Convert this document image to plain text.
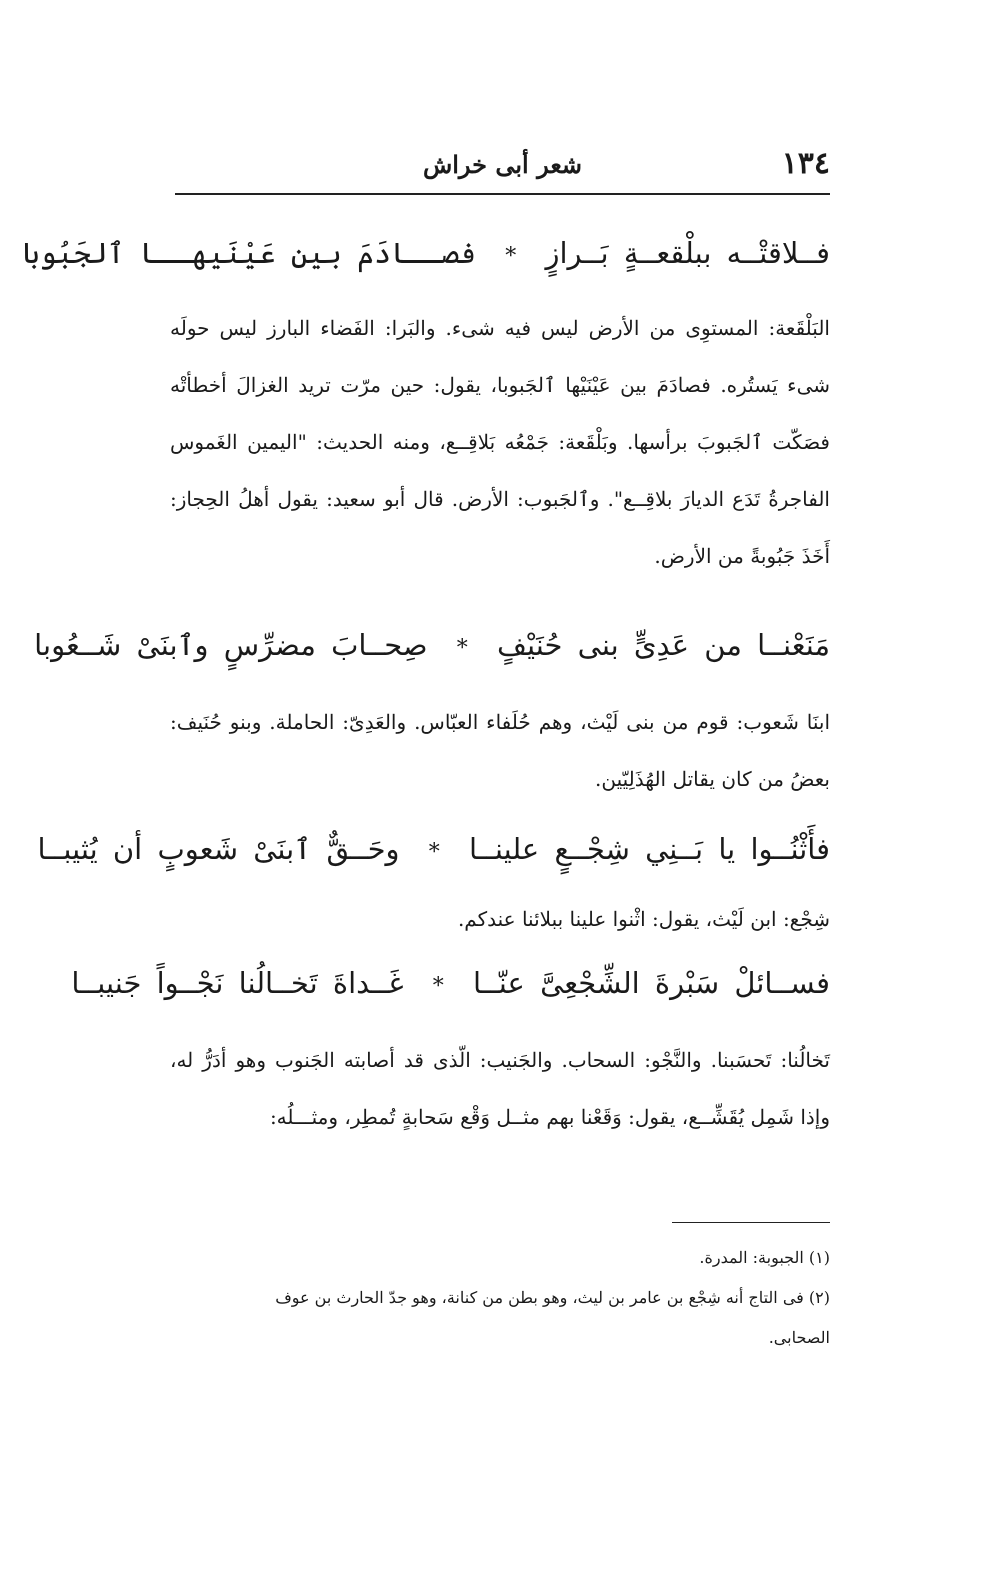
١٣٤
شعر أبى خراش
فــلاقتْــه ببلْقعــةٍ بَــرازٍ * فصــادَمَ بين عَيْنَيهــا ٱلجَبُوبا
البَلْقَعة: المستوِى من الأرض ليس فيه شىء. والبَرا: الفَضاء البارز ليس حولَه شىء يَستُره. فصادَمَ بين عَيْنَيْها ٱلجَبوبا، يقول: حين مرّت تريد الغزالَ أخطأتْه فصَكّت ٱلجَبوبَ برأسها. وبَلْقَعة: جَمْعُه بَلاقِــع، ومنه الحديث: "اليمين الغَموس الفاجرةُ تَدَع الديارَ بلاقِــع". وٱلجَبوب: الأرض. قال أبو سعيد: يقول أهلُ الحِجاز: أَخَذَ جَبُوبةً من الأرض.
مَنَعْنــا من عَدِىٍّ بنى حُنَيْفٍ * صِحــابَ مضرِّسٍ وٱبنَىْ شَــعُوبا
ابنَا شَعوب: قوم من بنى لَيْث، وهم حُلَفاء العبّاس. والعَدِىّ: الحاملة. وبنو حُنَيف: بعضُ من كان يقاتل الهُذَلِيّين.
فأَثْنُــوا يا بَــنِي شِجْــعٍ علينــا * وحَــقٌّ ٱبنَىْ شَعوبٍ أن يُثيبــا
شِجْع: ابن لَيْث، يقول: اثْنوا علينا ببلائنا عندكم.
فســائلْ سَبْرةَ الشِّجْعِىَّ عنّــا * غَــداةَ تَخــالُنا نَجْــواً جَنيبــا
تَخالُنا: تَحسَبنا. والنَّجْو: السحاب. والجَنيب: الّذى قد أصابته الجَنوب وهو أدَرُّ له، وإذا شَمِل يُقَشِّــع، يقول: وَقَعْنا بهم مثــل وَقْع سَحابةٍ تُمطِر، ومثـــلُه:
(١) الجبوبة: المدرة.
(٢) فى التاج أنه شِجْع بن عامر بن ليث، وهو بطن من كنانة، وهو جدّ الحارث بن عوف
الصحابى.
